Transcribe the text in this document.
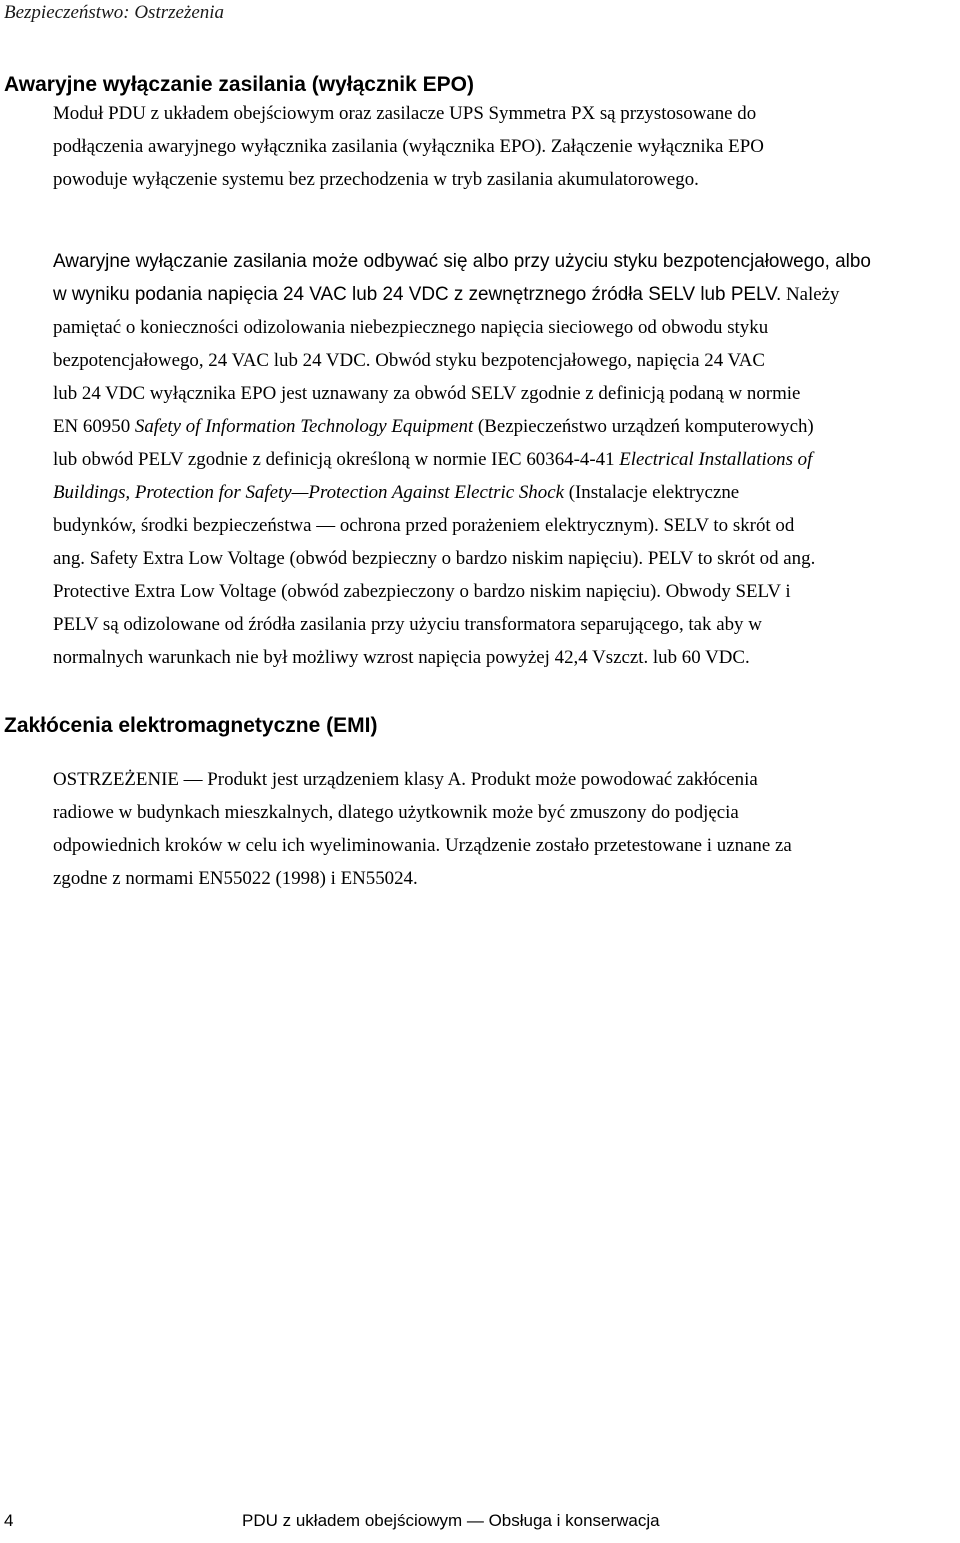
Bezpieczeństwo: Ostrzeżenia
Awaryjne wyłączanie zasilania (wyłącznik EPO)

Moduł PDU z układem obejściowym oraz zasilacze UPS Symmetra PX są przystosowane do
podłączenia awaryjnego wyłącznika zasilania (wyłącznika EPO). Załączenie wyłącznika EPO
powoduje wyłączenie systemu bez przechodzenia w tryb zasilania akumulatorowego.

Awaryjne wyłączanie zasilania może odbywać się albo przy użyciu styku bezpotencjałowego, albo
w wyniku podania napięcia 24 VAC lub 24 VDC z zewnętrznego źródła SELV lub PELV. Należy
pamiętać o konieczności odizolowania niebezpiecznego napięcia sieciowego od obwodu styku
bezpotencjałowego, 24 VAC lub 24 VDC. Obwód styku bezpotencjałowego, napięcia 24 VAC
lub 24 VDC wyłącznika EPO jest uznawany za obwód SELV zgodnie z definicją podaną w normie
EN 60950 Safety of Information Technology Equipment (Bezpieczeństwo urządzeń komputerowych)
lub obwód PELV zgodnie z definicją określoną w normie IEC 60364-4-41 Electrical Installations of
Buildings, Protection for Safety—Protection Against Electric Shock (Instalacje elektryczne
budynków, środki bezpieczeństwa — ochrona przed porażeniem elektrycznym). SELV to skrót od
ang. Safety Extra Low Voltage (obwód bezpieczny o bardzo niskim napięciu). PELV to skrót od ang.
Protective Extra Low Voltage (obwód zabezpieczony o bardzo niskim napięciu). Obwody SELV i
PELV są odizolowane od źródła zasilania przy użyciu transformatora separującego, tak aby w
normalnych warunkach nie był możliwy wzrost napięcia powyżej 42,4 Vszczt. lub 60 VDC.

Zakłócenia elektromagnetyczne (EMI)

OSTRZEŻENIE — Produkt jest urządzeniem klasy A. Produkt może powodować zakłócenia
radiowe w budynkach mieszkalnych, dlatego użytkownik może być zmuszony do podjęcia
odpowiednich kroków w celu ich wyeliminowania. Urządzenie zostało przetestowane i uznane za
zgodne z normami EN55022 (1998) i EN55024.

4	PDU z układem obejściowym — Obsługa i konserwacja
